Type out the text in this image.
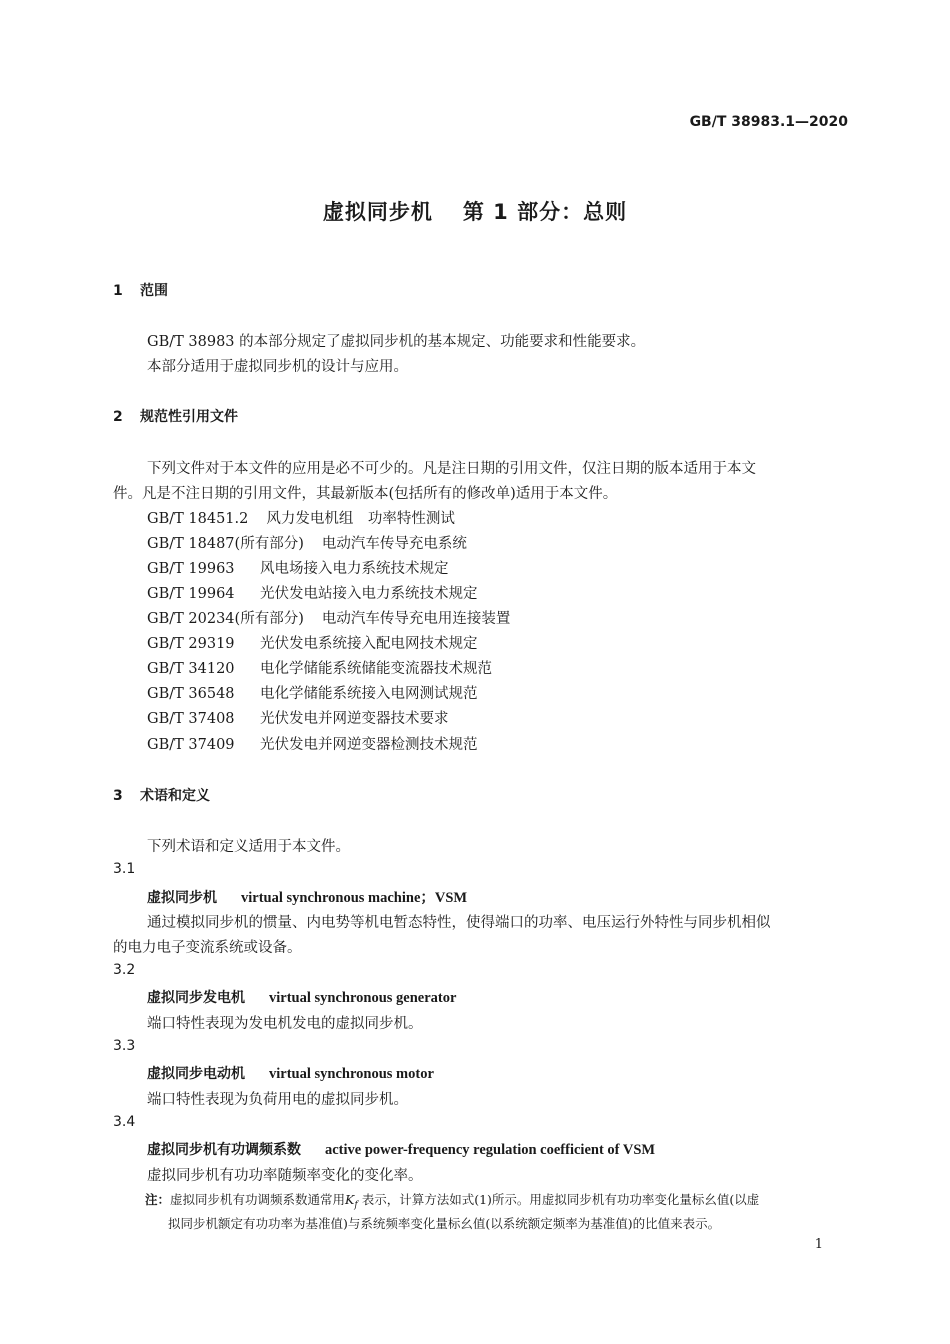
GB/T 38983.1—2020
虚拟同步机 第 1 部分：总则
1 范围
GB/T 38983 的本部分规定了虚拟同步机的基本规定、功能要求和性能要求。
本部分适用于虚拟同步机的设计与应用。
2 规范性引用文件
下列文件对于本文件的应用是必不可少的。凡是注日期的引用文件，仅注日期的版本适用于本文
件。凡是不注日期的引用文件，其最新版本(包括所有的修改单)适用于本文件。
GB/T 18451.2 风力发电机组　功率特性测试
GB/T 18487(所有部分) 电动汽车传导充电系统
GB/T 19963 风电场接入电力系统技术规定
GB/T 19964 光伏发电站接入电力系统技术规定
GB/T 20234(所有部分) 电动汽车传导充电用连接装置
GB/T 29319 光伏发电系统接入配电网技术规定
GB/T 34120 电化学储能系统储能变流器技术规范
GB/T 36548 电化学储能系统接入电网测试规范
GB/T 37408 光伏发电并网逆变器技术要求
GB/T 37409 光伏发电并网逆变器检测技术规范
3 术语和定义
下列术语和定义适用于本文件。
3.1
虚拟同步机 virtual synchronous machine；VSM
通过模拟同步机的惯量、内电势等机电暂态特性，使得端口的功率、电压运行外特性与同步机相似
的电力电子变流系统或设备。
3.2
虚拟同步发电机 virtual synchronous generator
端口特性表现为发电机发电的虚拟同步机。
3.3
虚拟同步电动机 virtual synchronous motor
端口特性表现为负荷用电的虚拟同步机。
3.4
虚拟同步机有功调频系数 active power-frequency regulation coefficient of VSM
虚拟同步机有功功率随频率变化的变化率。
注：虚拟同步机有功调频系数通常用$K_f$ 表示，计算方法如式(1)所示。用虚拟同步机有功功率变化量标幺值(以虚
拟同步机额定有功功率为基准值)与系统频率变化量标幺值(以系统额定频率为基准值)的比值来表示。
1
